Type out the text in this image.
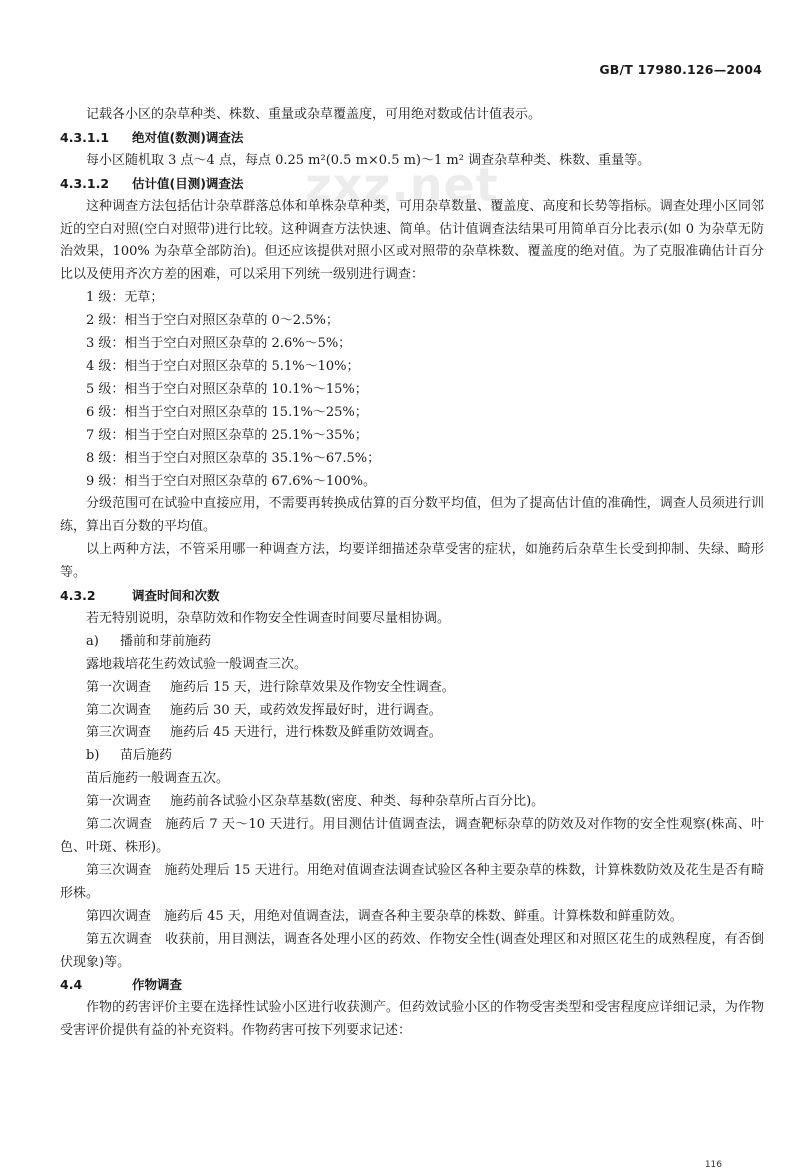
GB/T 17980.126—2004
zxz.net

记载各小区的杂草种类、株数、重量或杂草覆盖度，可用绝对数或估计值表示。

4.3.1.1 绝对值(数测)调查法

每小区随机取 3 点～4 点，每点 0.25 m²(0.5 m×0.5 m)～1 m² 调查杂草种类、株数、重量等。

4.3.1.2 估计值(目测)调查法

这种调查方法包括估计杂草群落总体和单株杂草种类，可用杂草数量、覆盖度、高度和长势等指标。调查处理小区同邻近的空白对照(空白对照带)进行比较。这种调查方法快速、简单。估计值调查法结果可用简单百分比表示(如 0 为杂草无防治效果，100% 为杂草全部防治)。但还应该提供对照小区或对照带的杂草株数、覆盖度的绝对值。为了克服准确估计百分比以及使用齐次方差的困难，可以采用下列统一级别进行调查：

1 级：无草；

2 级：相当于空白对照区杂草的 0～2.5%；

3 级：相当于空白对照区杂草的 2.6%～5%；

4 级：相当于空白对照区杂草的 5.1%～10%；

5 级：相当于空白对照区杂草的 10.1%～15%；

6 级：相当于空白对照区杂草的 15.1%～25%；

7 级：相当于空白对照区杂草的 25.1%～35%；

8 级：相当于空白对照区杂草的 35.1%～67.5%；

9 级：相当于空白对照区杂草的 67.6%～100%。

分级范围可在试验中直接应用，不需要再转换成估算的百分数平均值，但为了提高估计值的准确性，调查人员须进行训练，算出百分数的平均值。

以上两种方法，不管采用哪一种调查方法，均要详细描述杂草受害的症状，如施药后杂草生长受到抑制、失绿、畸形等。

4.3.2	调查时间和次数

若无特别说明，杂草防效和作物安全性调查时间要尽量相协调。

a) 播前和芽前施药

露地栽培花生药效试验一般调查三次。

第一次调查 施药后 15 天，进行除草效果及作物安全性调查。

第二次调查 施药后 30 天，或药效发挥最好时，进行调查。

第三次调查 施药后 45 天进行，进行株数及鲜重防效调查。

b) 苗后施药

苗后施药一般调查五次。

第一次调查 施药前各试验小区杂草基数(密度、种类、每种杂草所占百分比)。

第二次调查　施药后 7 天～10 天进行。用目测估计值调查法，调查靶标杂草的防效及对作物的安全性观察(株高、叶色、叶斑、株形)。

第三次调查　施药处理后 15 天进行。用绝对值调查法调查试验区各种主要杂草的株数，计算株数防效及花生是否有畸形株。

第四次调查　施药后 45 天，用绝对值调查法，调查各种主要杂草的株数、鲜重。计算株数和鲜重防效。

第五次调查　收获前，用目测法，调查各处理小区的药效、作物安全性(调查处理区和对照区花生的成熟程度，有否倒伏现象)等。

4.4	作物调查

作物的药害评价主要在选择性试验小区进行收获测产。但药效试验小区的作物受害类型和受害程度应详细记录，为作物受害评价提供有益的补充资料。作物药害可按下列要求记述：

116
